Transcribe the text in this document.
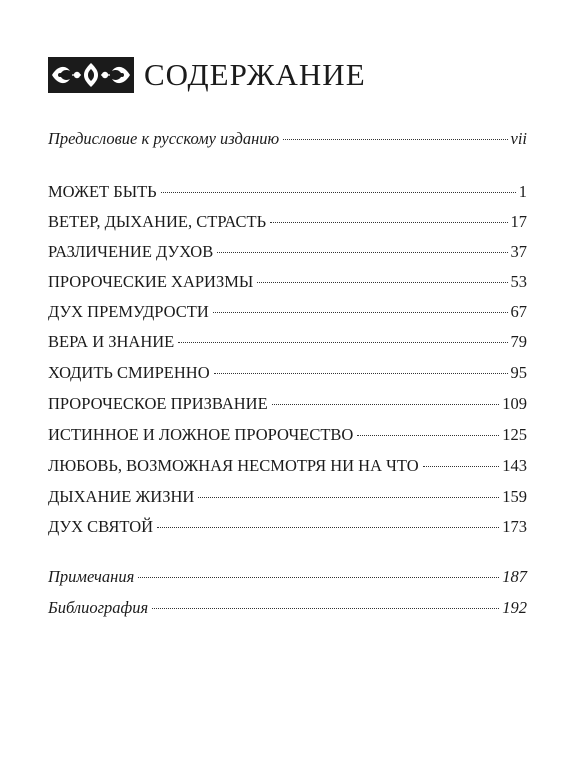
СОДЕРЖАНИЕ
Предисловие к русскому изданию	vii
МОЖЕТ БЫТЬ	1
ВЕТЕР, ДЫХАНИЕ, СТРАСТЬ	17
РАЗЛИЧЕНИЕ ДУХОВ	37
ПРОРОЧЕСКИЕ ХАРИЗМЫ	53
ДУХ ПРЕМУДРОСТИ	67
ВЕРА И ЗНАНИЕ	79
ХОДИТЬ СМИРЕННО	95
ПРОРОЧЕСКОЕ ПРИЗВАНИЕ	109
ИСТИННОЕ И ЛОЖНОЕ ПРОРОЧЕСТВО	125
ЛЮБОВЬ, ВОЗМОЖНАЯ НЕСМОТРЯ НИ НА ЧТО	143
ДЫХАНИЕ ЖИЗНИ	159
ДУХ СВЯТОЙ	173
Примечания	187
Библиография	192
